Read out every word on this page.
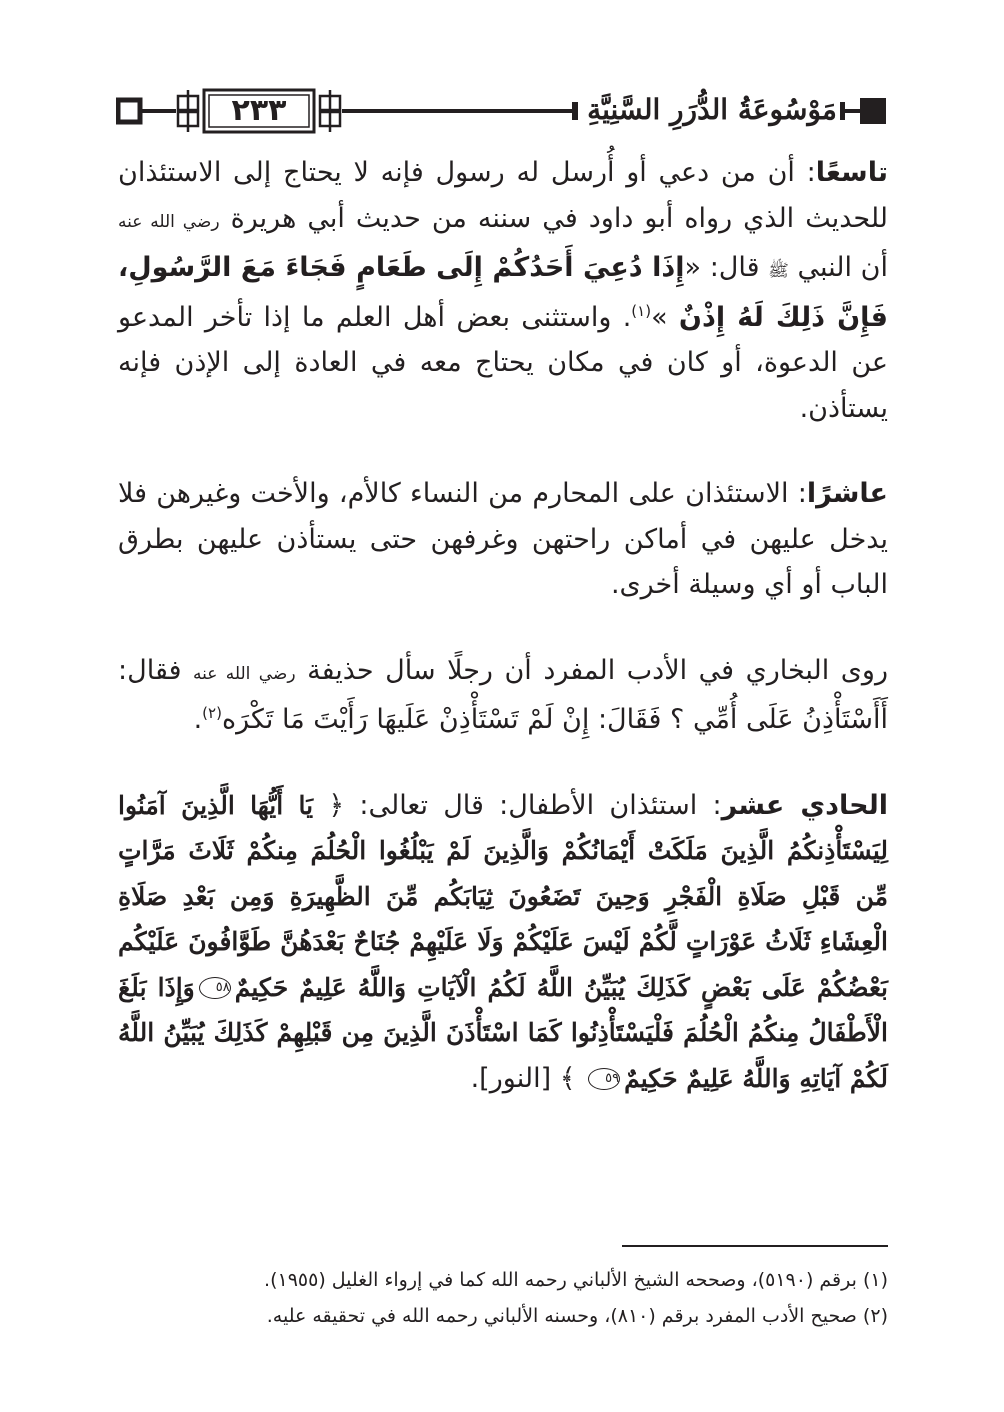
٢٣٣	مَوْسُوعَةُ الدُّرَرِ السَّنِيَّةِ

تاسعًا: أن من دعي أو أُرسل له رسول فإنه لا يحتاج إلى الاستئذان للحديث الذي رواه أبو داود في سننه من حديث أبي هريرة رضي الله عنه أن النبي ﷺ قال: «إِذَا دُعِيَ أَحَدُكُمْ إِلَى طَعَامٍ فَجَاءَ مَعَ الرَّسُولِ، فَإِنَّ ذَلِكَ لَهُ إِذْنٌ »$^{(١)}$. واستثنى بعض أهل العلم ما إذا تأخر المدعو عن الدعوة، أو كان في مكان يحتاج معه في العادة إلى الإذن فإنه يستأذن.

عاشرًا: الاستئذان على المحارم من النساء كالأم، والأخت وغيرهن فلا يدخل عليهن في أماكن راحتهن وغرفهن حتى يستأذن عليهن بطرق الباب أو أي وسيلة أخرى.

روى البخاري في الأدب المفرد أن رجلًا سأل حذيفة رضي الله عنه فقال: أَأَسْتَأْذِنُ عَلَى أُمِّي ؟ فَقَالَ: إِنْ لَمْ تَسْتَأْذِنْ عَلَيهَا رَأَيْتَ مَا تَكْرَه$^{(٢)}$.

الحادي عشر: استئذان الأطفال: قال تعالى: ﴿ يَا أَيُّهَا الَّذِينَ آمَنُوا لِيَسْتَأْذِنكُمُ الَّذِينَ مَلَكَتْ أَيْمَانُكُمْ وَالَّذِينَ لَمْ يَبْلُغُوا الْحُلُمَ مِنكُمْ ثَلَاثَ مَرَّاتٍ مِّن قَبْلِ صَلَاةِ الْفَجْرِ وَحِينَ تَضَعُونَ ثِيَابَكُم مِّنَ الظَّهِيرَةِ وَمِن بَعْدِ صَلَاةِ الْعِشَاءِ ثَلَاثُ عَوْرَاتٍ لَّكُمْ لَيْسَ عَلَيْكُمْ وَلَا عَلَيْهِمْ جُنَاحٌ بَعْدَهُنَّ طَوَّافُونَ عَلَيْكُم بَعْضُكُمْ عَلَى بَعْضٍ كَذَلِكَ يُبَيِّنُ اللَّهُ لَكُمُ الْآيَاتِ وَاللَّهُ عَلِيمٌ حَكِيمٌ٥٨وَإِذَا بَلَغَ الْأَطْفَالُ مِنكُمُ الْحُلُمَ فَلْيَسْتَأْذِنُوا كَمَا اسْتَأْذَنَ الَّذِينَ مِن قَبْلِهِمْ كَذَلِكَ يُبَيِّنُ اللَّهُ لَكُمْ آيَاتِهِ وَاللَّهُ عَلِيمٌ حَكِيمٌ٥٩ ﴾ [النور].

(١) برقم (٥١٩٠)، وصححه الشيخ الألباني رحمه الله كما في إرواء الغليل (١٩٥٥).

(٢) صحيح الأدب المفرد برقم (٨١٠)، وحسنه الألباني رحمه الله في تحقيقه عليه.
